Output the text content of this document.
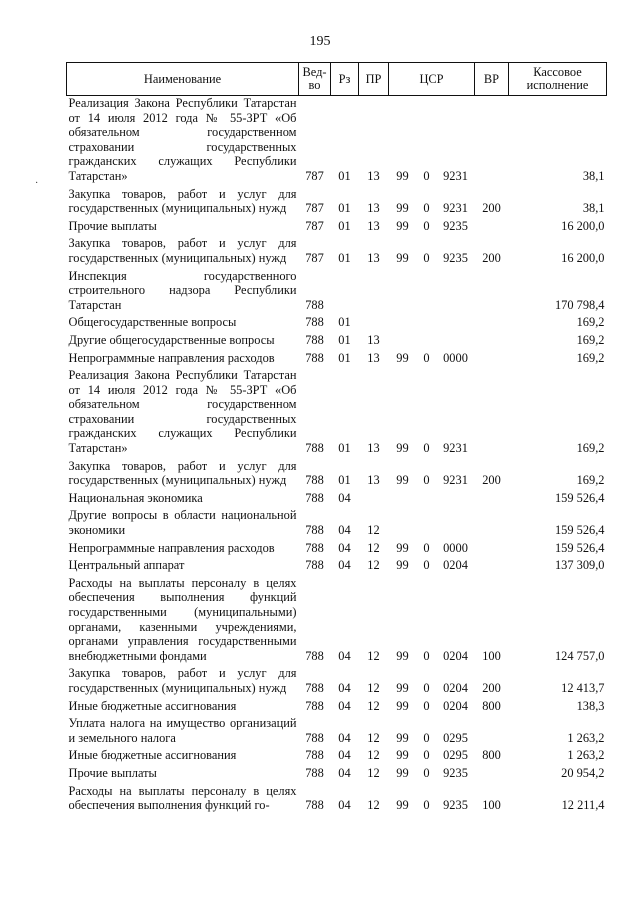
195
·
Наименование	Вед-
во	Рз	ПР	ЦСР			ВР	Кассовое исполнение
Реализация Закона Республики Татарстан от 14 июля 2012 года № 55-ЗРТ «Об обязательном государственном страховании государственных гражданских служащих Республики Татарстан»	787	01	13	99	0	9231		38,1
Закупка товаров, работ и услуг для государственных (муниципальных) нужд	787	01	13	99	0	9231	200	38,1
Прочие выплаты	787	01	13	99	0	9235		16 200,0
Закупка товаров, работ и услуг для государственных (муниципальных) нужд	787	01	13	99	0	9235	200	16 200,0
Инспекция государственного строительного надзора Республики Татарстан	788							170 798,4
Общегосударственные вопросы	788	01						169,2
Другие общегосударственные вопросы	788	01	13					169,2
Непрограммные направления расходов	788	01	13	99	0	0000		169,2
Реализация Закона Республики Татарстан от 14 июля 2012 года № 55-ЗРТ «Об обязательном государственном страховании государственных гражданских служащих Республики Татарстан»	788	01	13	99	0	9231		169,2
Закупка товаров, работ и услуг для государственных (муниципальных) нужд	788	01	13	99	0	9231	200	169,2
Национальная экономика	788	04						159 526,4
Другие вопросы в области национальной экономики	788	04	12					159 526,4
Непрограммные направления расходов	788	04	12	99	0	0000		159 526,4
Центральный аппарат	788	04	12	99	0	0204		137 309,0
Расходы на выплаты персоналу в целях обеспечения выполнения функций государственными (муниципальными) органами, казенными учреждениями, органами управления государственными внебюджетными фондами	788	04	12	99	0	0204	100	124 757,0
Закупка товаров, работ и услуг для государственных (муниципальных) нужд	788	04	12	99	0	0204	200	12 413,7
Иные бюджетные ассигнования	788	04	12	99	0	0204	800	138,3
Уплата налога на имущество организаций и земельного налога	788	04	12	99	0	0295		1 263,2
Иные бюджетные ассигнования	788	04	12	99	0	0295	800	1 263,2
Прочие выплаты	788	04	12	99	0	9235		20 954,2
Расходы на выплаты персоналу в целях обеспечения выполнения функций го-	788	04	12	99	0	9235	100	12 211,4
